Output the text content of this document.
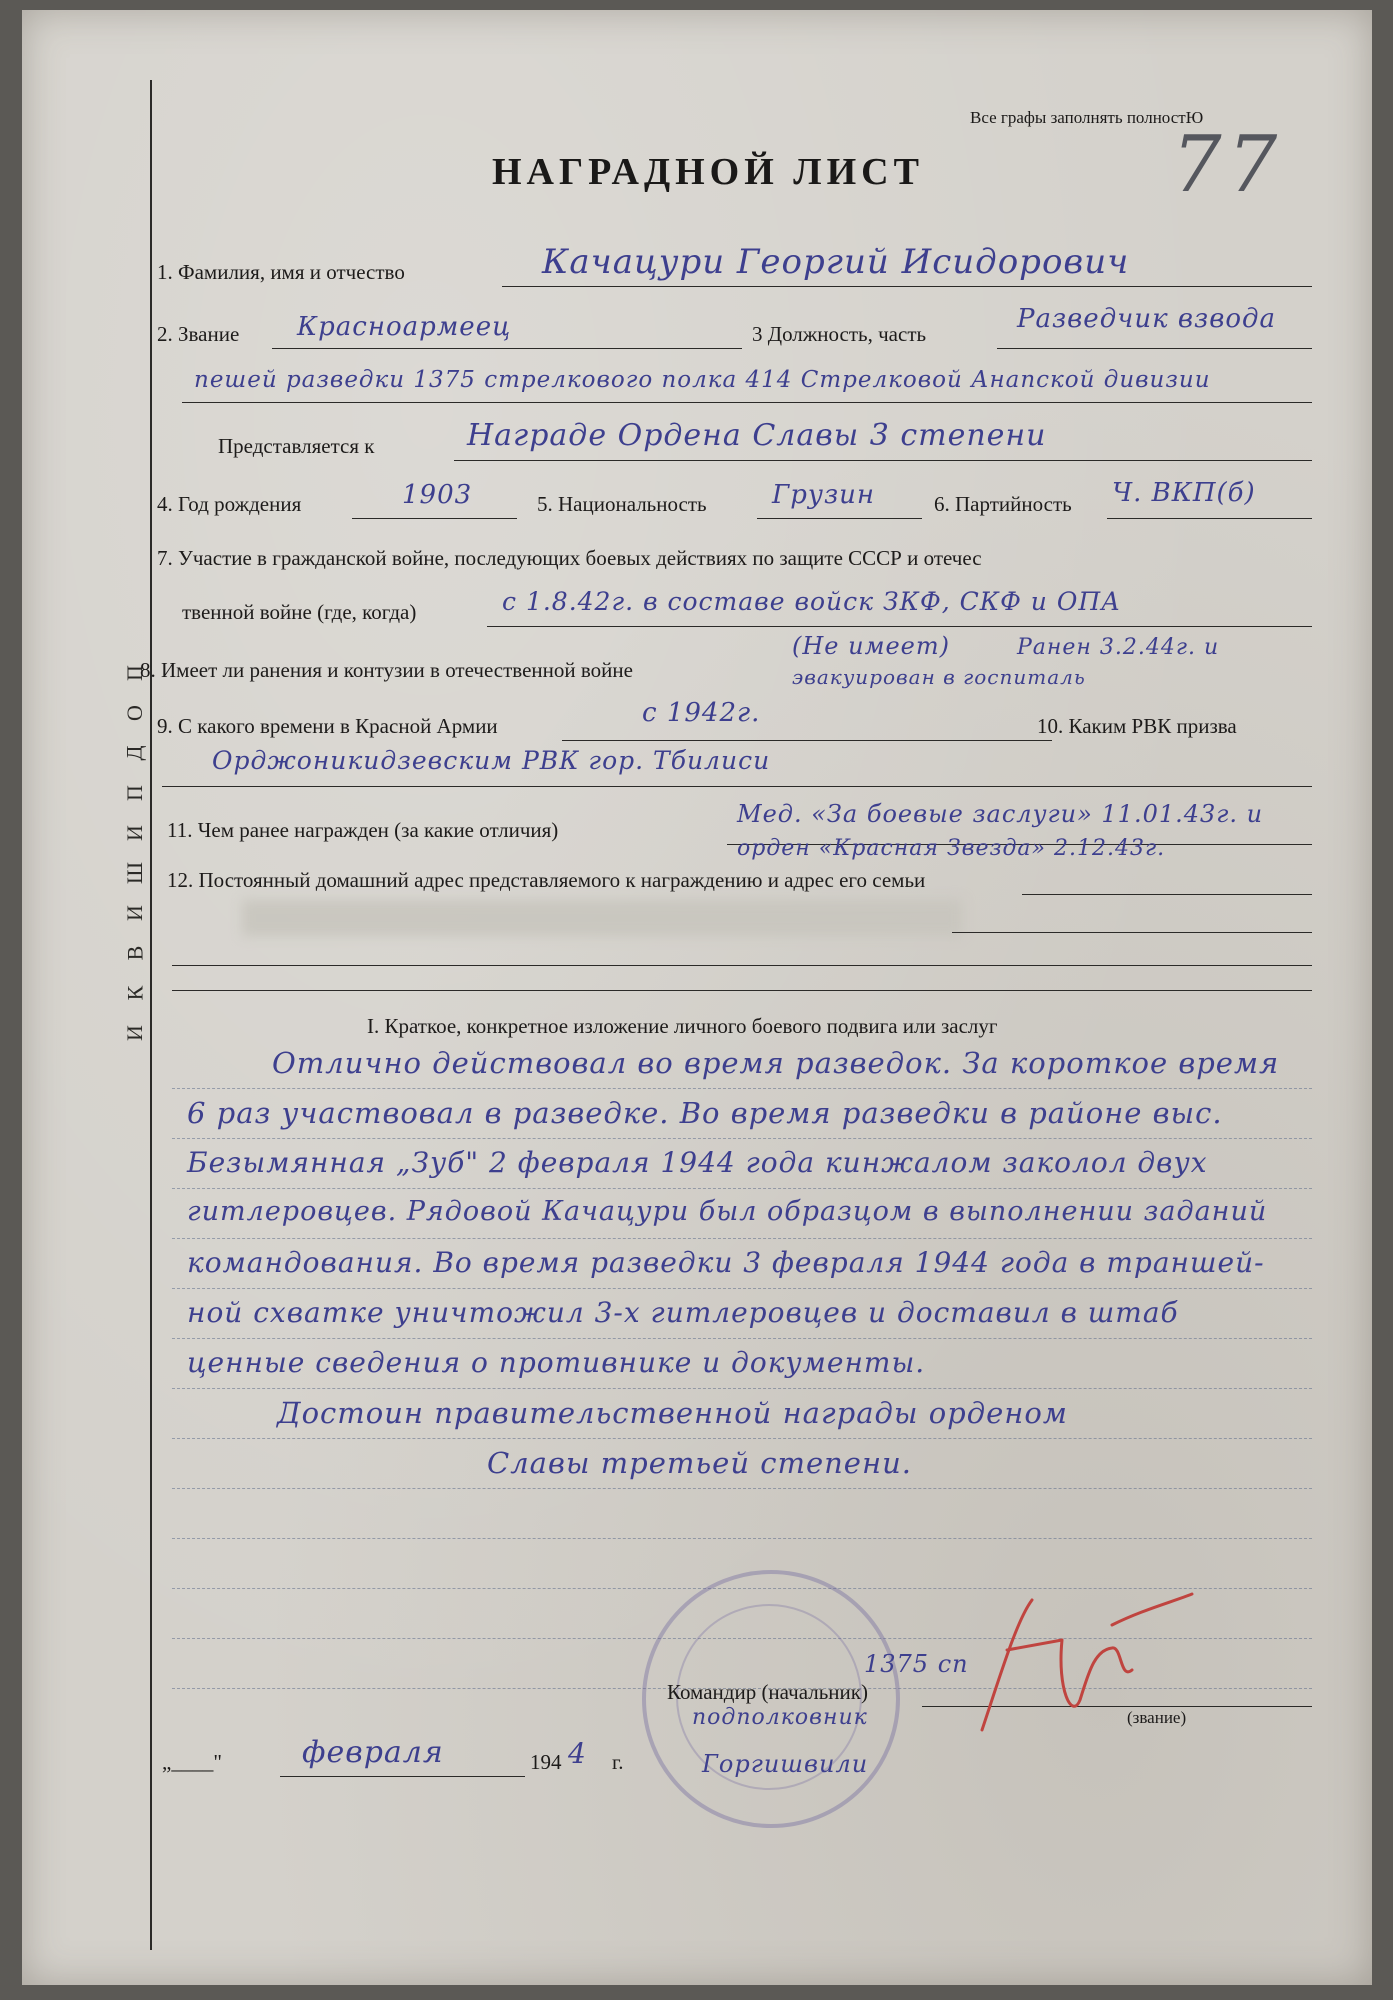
П
О
Д
П
И
Ш
И
В
К
И
Все графы заполнять полностЮ
НАГРАДНОЙ ЛИСТ	77
1. Фамилия, имя и отчество	Качацури Георгий Исидорович
2. Звание Красноармеец	3 Должность, часть	Разведчик взвода
пешей разведки 1375 стрелкового полка 414 Стрелковой Анапской дивизии
Представляется к	Награде Ордена Славы 3 степени
4. Год рождения	1903	5. Национальность	Грузин	6. Партийность Ч. ВКП(б)
7. Участие в гражданской войне, последующих боевых действиях по защите СССР и отечес
твенной войне (где, когда)	с 1.8.42г. в составе войск ЗКФ, СКФ и ОПА
8. Имеет ли ранения и контузии в отечественной войне
(Не имеет)	Ранен 3.2.44г. и
эвакуирован в госпиталь
9. С какого времени в Красной Армии	с 1942г.	10. Каким РВК призва
Орджоникидзевским РВК гор. Тбилиси
11. Чем ранее награжден (за какие отличия)
Мед. «За боевые заслуги» 11.01.43г. и
орден «Красная Звезда» 2.12.43г.
12. Постоянный домашний адрес представляемого к награждению и адрес его семьи
I. Краткое, конкретное изложение личного боевого подвига или заслуг
Отлично действовал во время разведок. За короткое время
6 раз участвовал в разведке. Во время разведки в районе выс.
Безымянная „Зуб" 2 февраля 1944 года кинжалом заколол двух
гитлеровцев. Рядовой Качацури был образцом в выполнении заданий
командования. Во время разведки 3 февраля 1944 года в траншей-
ной схватке уничтожил 3-х гитлеровцев и доставил в штаб
ценные сведения о противнике и документы.
Достоин правительственной награды орденом
Славы третьей степени.
Командир (начальник)
1375 сп
подполковник	(звание)
Горгишвили
„____"	февраля	194 4 г.
